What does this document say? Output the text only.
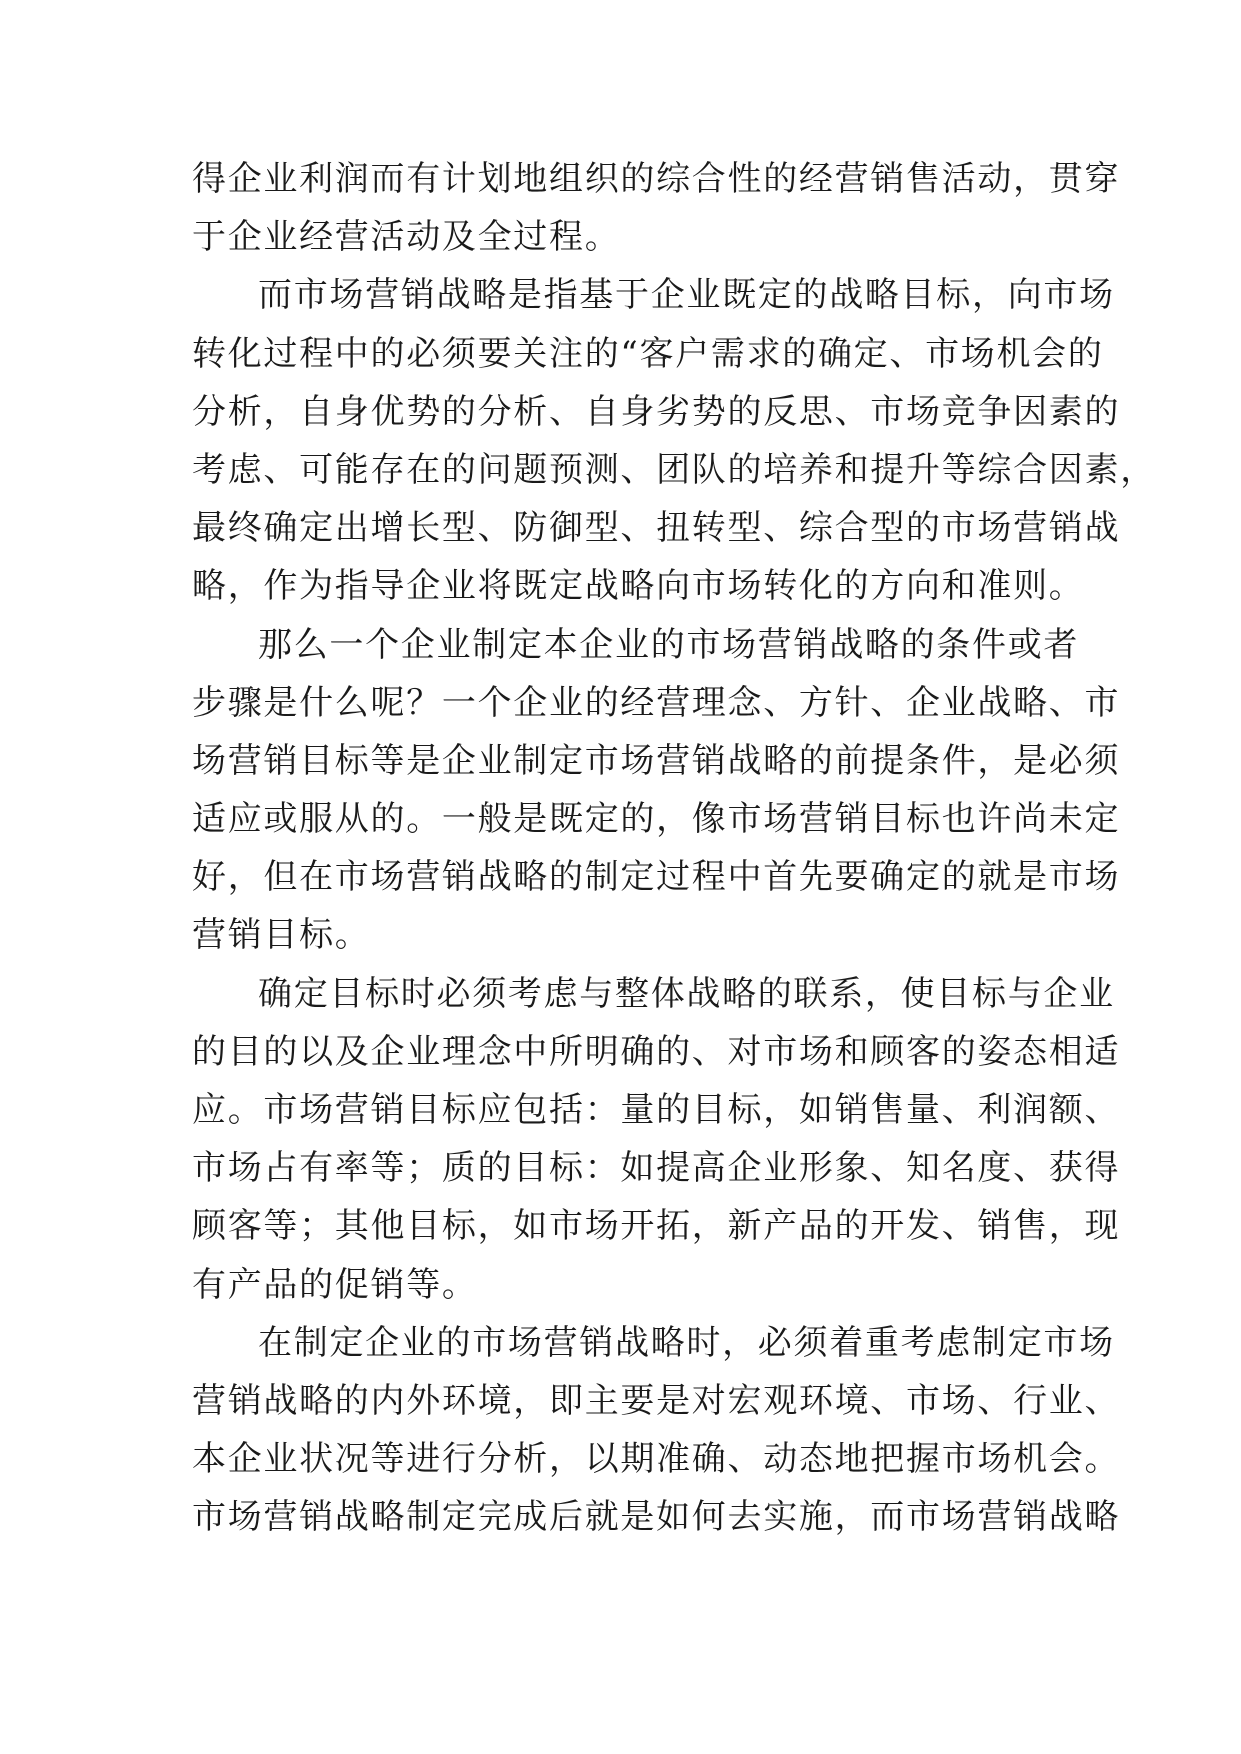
得企业利润而有计划地组织的综合性的经营销售活动，贯穿
于企业经营活动及全过程。
而市场营销战略是指基于企业既定的战略目标，向市场
转化过程中的必须要关注的“客户需求的确定、市场机会的
分析，自身优势的分析、自身劣势的反思、市场竞争因素的
考虑、可能存在的问题预测、团队的培养和提升等综合因素，
最终确定出增长型、防御型、扭转型、综合型的市场营销战
略，作为指导企业将既定战略向市场转化的方向和准则。
那么一个企业制定本企业的市场营销战略的条件或者
步骤是什么呢？一个企业的经营理念、方针、企业战略、市
场营销目标等是企业制定市场营销战略的前提条件，是必须
适应或服从的。一般是既定的，像市场营销目标也许尚未定
好，但在市场营销战略的制定过程中首先要确定的就是市场
营销目标。
确定目标时必须考虑与整体战略的联系，使目标与企业
的目的以及企业理念中所明确的、对市场和顾客的姿态相适
应。市场营销目标应包括：量的目标，如销售量、利润额、
市场占有率等；质的目标：如提高企业形象、知名度、获得
顾客等；其他目标，如市场开拓，新产品的开发、销售，现
有产品的促销等。
在制定企业的市场营销战略时，必须着重考虑制定市场
营销战略的内外环境，即主要是对宏观环境、市场、行业、
本企业状况等进行分析，以期准确、动态地把握市场机会。
市场营销战略制定完成后就是如何去实施，而市场营销战略
